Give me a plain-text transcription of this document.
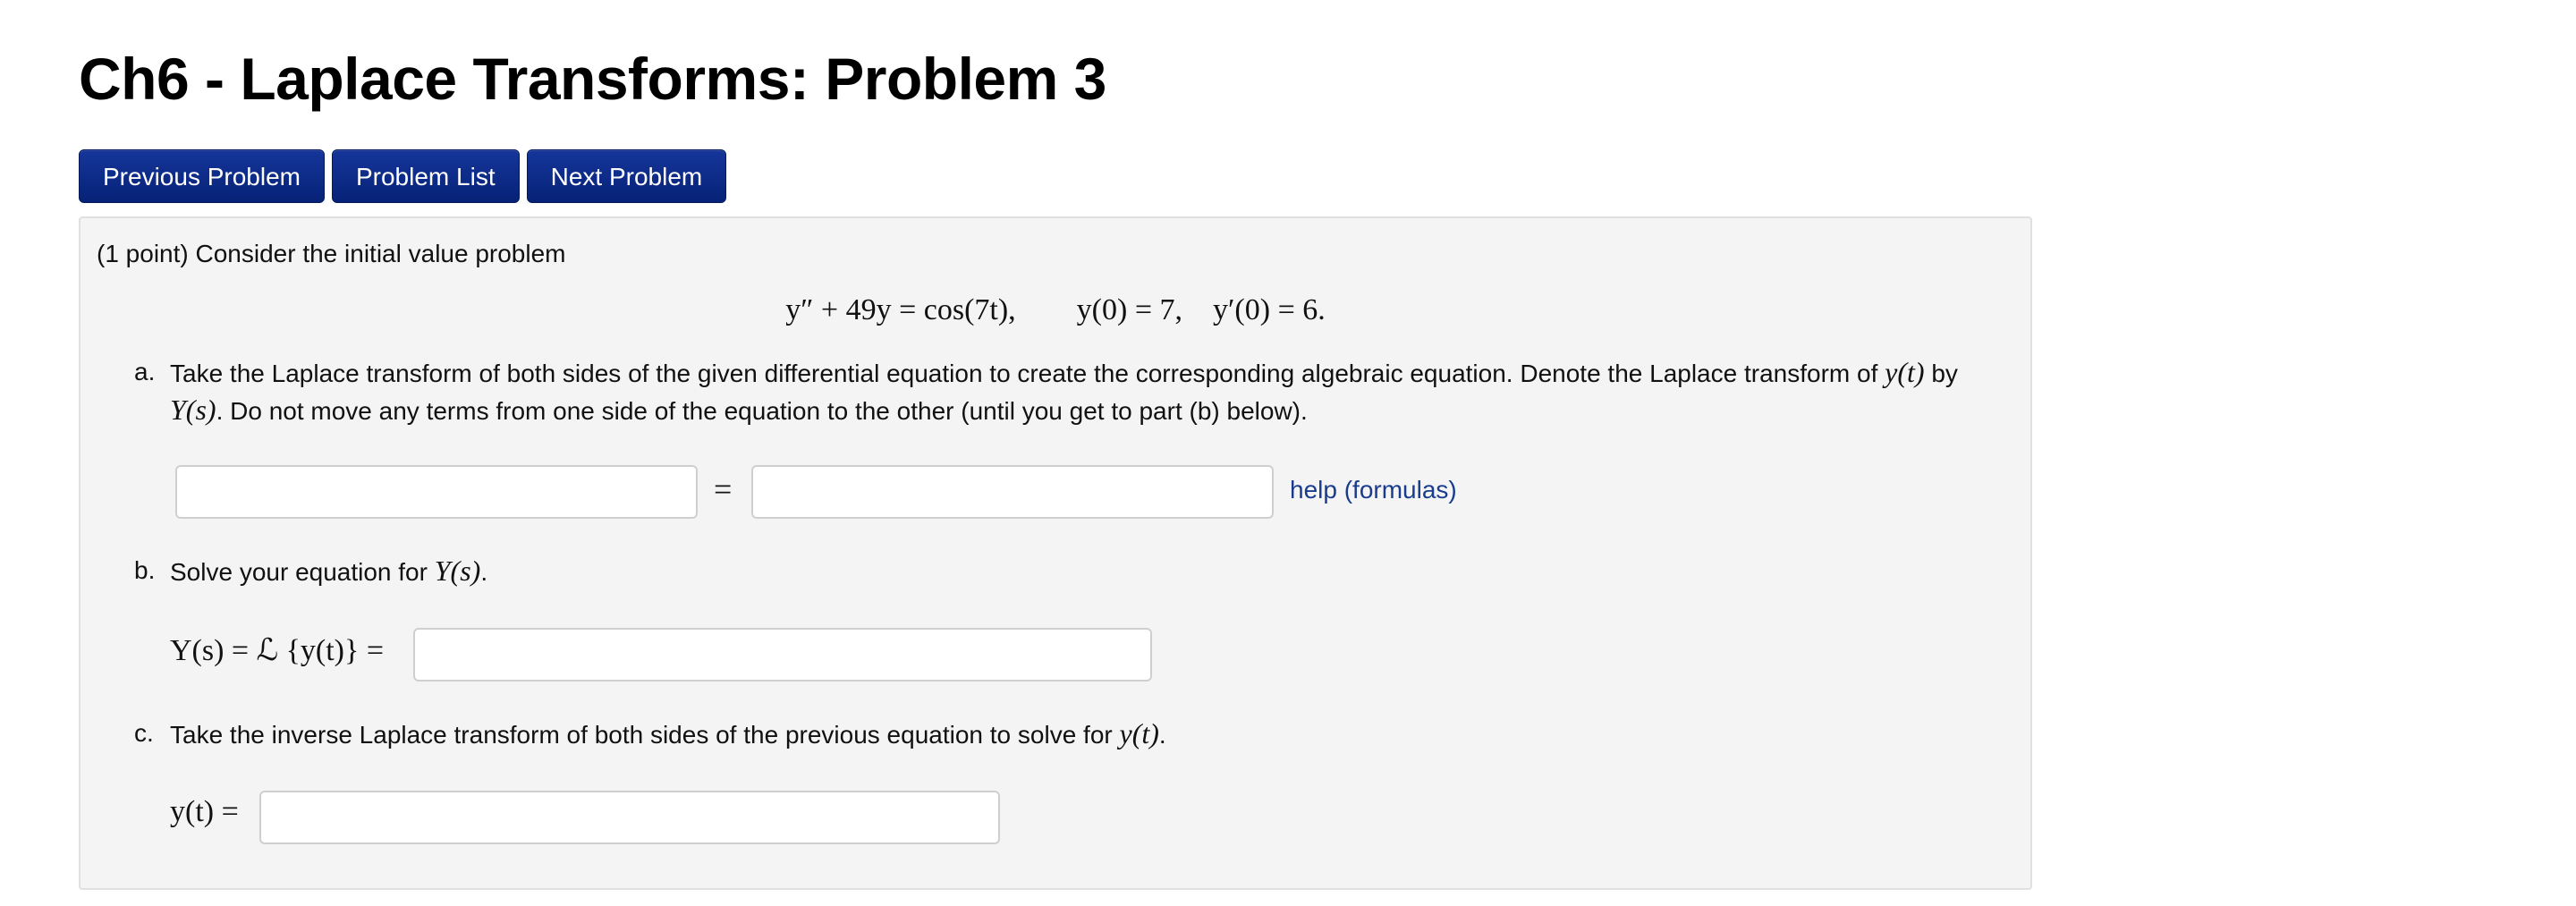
Ch6 - Laplace Transforms: Problem 3
Previous Problem	Problem List	Next Problem
(1 point) Consider the initial value problem
y″ + 49y = cos(7t),        y(0) = 7,    y′(0) = 6.
a. Take the Laplace transform of both sides of the given differential equation to create the corresponding algebraic equation. Denote the Laplace transform of y(t) by
Y(s). Do not move any terms from one side of the equation to the other (until you get to part (b) below).
=	help (formulas)
b. Solve your equation for Y(s).
Y(s) = ℒ {y(t)} =
c. Take the inverse Laplace transform of both sides of the previous equation to solve for y(t).
y(t) =
